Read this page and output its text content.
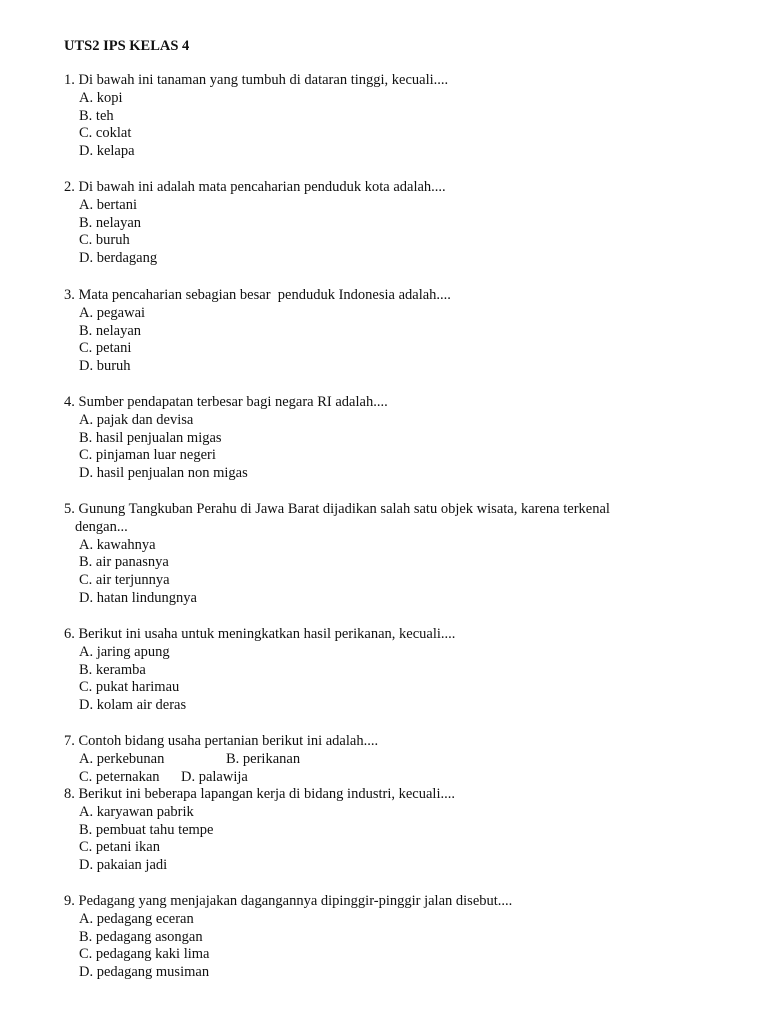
UTS2 IPS KELAS 4
1. Di bawah ini tanaman yang tumbuh di dataran tinggi, kecuali....
A. kopi
B. teh
C. coklat
D. kelapa
2. Di bawah ini adalah mata pencaharian penduduk kota adalah....
A. bertani
B. nelayan
C. buruh
D. berdagang
3. Mata pencaharian sebagian besar  penduduk Indonesia adalah....
A. pegawai
B. nelayan
C. petani
D. buruh
4. Sumber pendapatan terbesar bagi negara RI adalah....
A. pajak dan devisa
B. hasil penjualan migas
C. pinjaman luar negeri
D. hasil penjualan non migas
5. Gunung Tangkuban Perahu di Jawa Barat dijadikan salah satu objek wisata, karena terkenal
dengan...
A. kawahnya
B. air panasnya
C. air terjunnya
D. hatan lindungnya
6. Berikut ini usaha untuk meningkatkan hasil perikanan, kecuali....
A. jaring apung
B. keramba
C. pukat harimau
D. kolam air deras
7. Contoh bidang usaha pertanian berikut ini adalah....
A. perkebunan	B. perikanan
C. peternakan	D. palawija
8. Berikut ini beberapa lapangan kerja di bidang industri, kecuali....
A. karyawan pabrik
B. pembuat tahu tempe
C. petani ikan
D. pakaian jadi
9. Pedagang yang menjajakan dagangannya dipinggir-pinggir jalan disebut....
A. pedagang eceran
B. pedagang asongan
C. pedagang kaki lima
D. pedagang musiman
